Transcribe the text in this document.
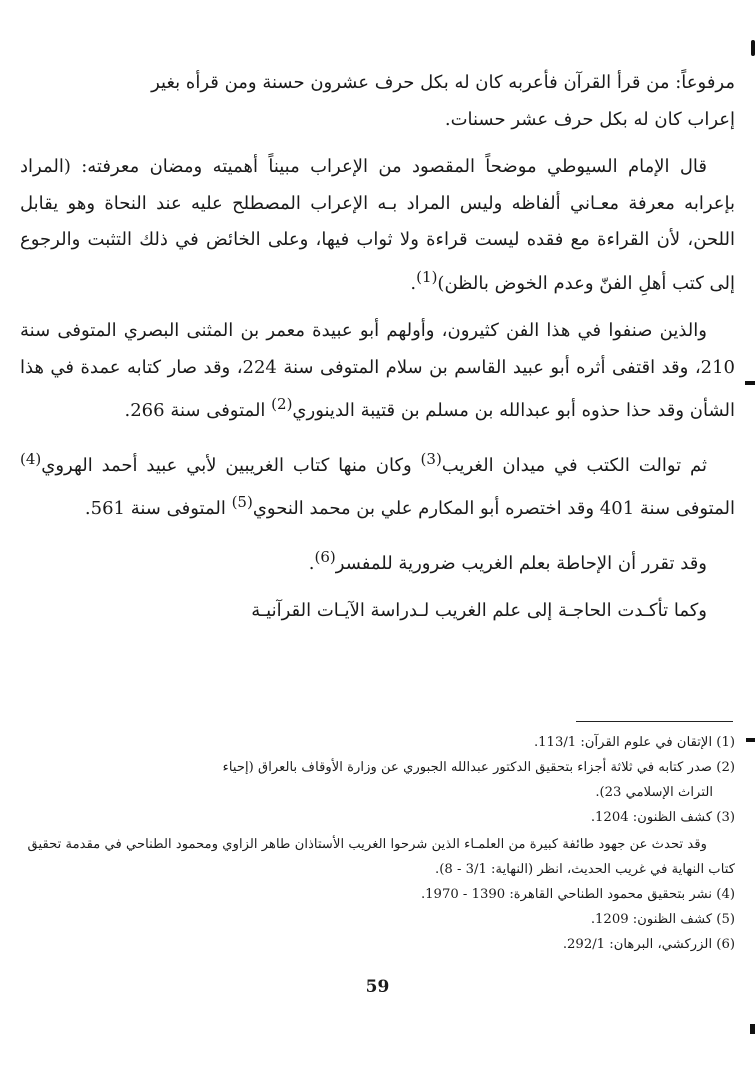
مرفوعاً: من قرأ القرآن فأعربه كان له بكل حرف عشرون حسنة ومن قرأه بغير
إعراب كان له بكل حرف عشر حسنات.

قال الإمام السيوطي موضحاً المقصود من الإعراب مبيناً أهميته ومضان معرفته: (المراد بإعرابه معرفة معـاني ألفاظه وليس المراد بـه الإعراب المصطلح عليه عند النحاة وهو يقابل اللحن، لأن القراءة مع فقده ليست قراءة ولا ثواب فيها، وعلى الخائض في ذلك التثبت والرجوع إلى كتب أهلِ الفنّ وعدم الخوض بالظن)$^{(1)}$.

والذين صنفوا في هذا الفن كثيرون، وأولهم أبو عبيدة معمر بن المثنى البصري المتوفى سنة 210، وقد اقتفى أثره أبو عبيد القاسم بن سلام المتوفى سنة 224، وقد صار كتابه عمدة في هذا الشأن وقد حذا حذوه أبو عبدالله بن مسلم بن قتيبة الدينوري$^{(2)}$ المتوفى سنة 266.

ثم توالت الكتب في ميدان الغريب$^{(3)}$ وكان منها كتاب الغريبين لأبي عبيد أحمد الهروي$^{(4)}$ المتوفى سنة 401 وقد اختصره أبو المكارم علي بن محمد النحوي$^{(5)}$ المتوفى سنة 561.

وقد تقرر أن الإحاطة بعلم الغريب ضرورية للمفسر$^{(6)}$.

وكما تأكـدت الحاجـة إلى علم الغريب لـدراسة الآيـات القرآنيـة

(1) الإتقان في علوم القرآن: 113/1.

(2) صدر كتابه في ثلاثة أجزاء بتحقيق الدكتور عبدالله الجبوري عن وزارة الأوقاف بالعراق (إحياء

التراث الإسلامي 23).

(3) كشف الظنون: 1204.

وقد تحدث عن جهود طائفة كبيرة من العلمـاء الذين شرحوا الغريب الأستاذان طاهر الزاوي ومحمود الطناحي في مقدمة تحقيق كتاب النهاية في غريب الحديث، انظر (النهاية: 3/1 - 8).

(4) نشر بتحقيق محمود الطناحي القاهرة: 1390 - 1970.

(5) كشف الظنون: 1209.

(6) الزركشي، البرهان: 292/1.

59
